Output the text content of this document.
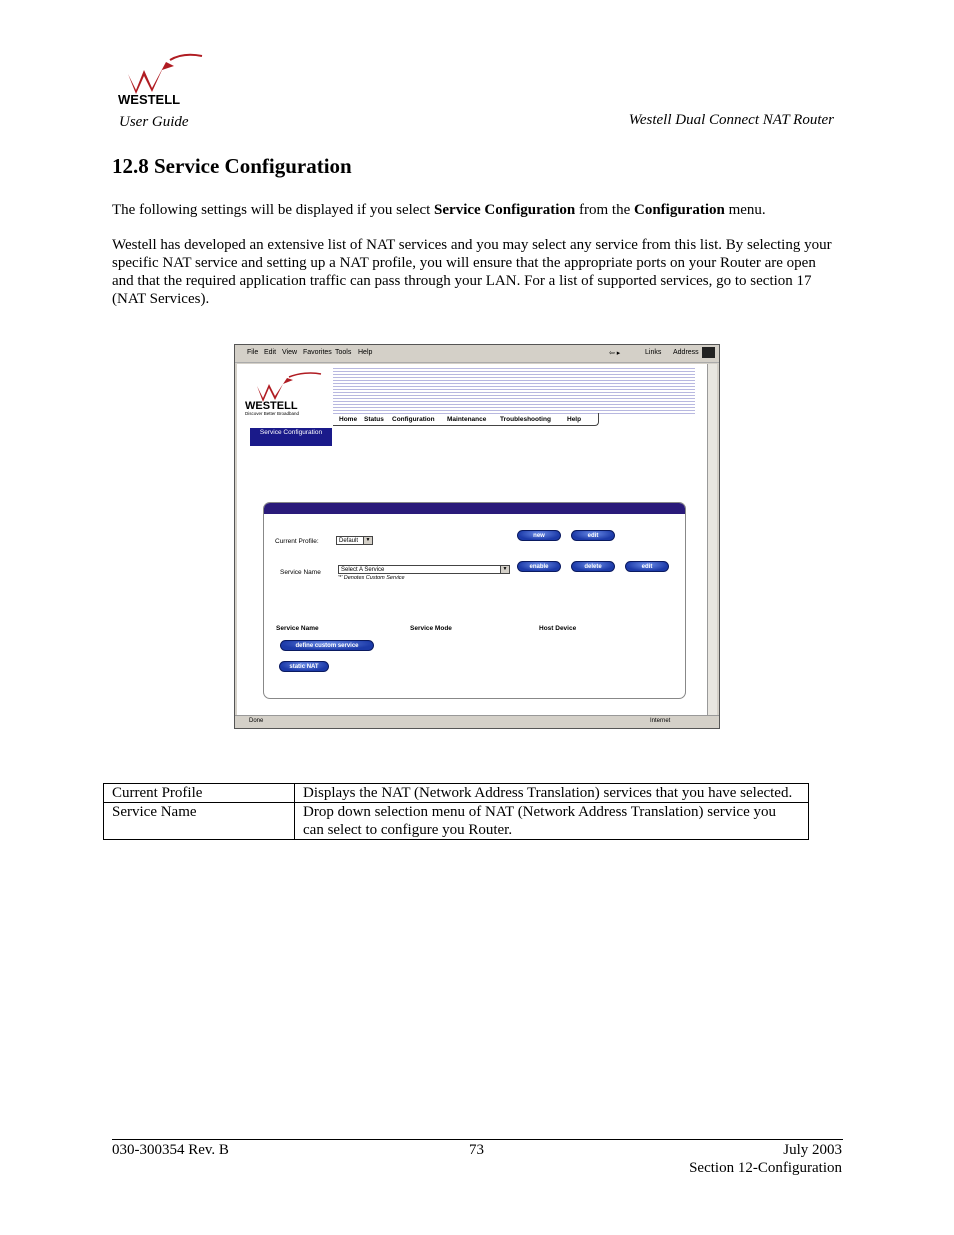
WESTELL
User Guide	Westell Dual Connect NAT Router
12.8 Service Configuration
The following settings will be displayed if you select Service Configuration from the Configuration menu.
Westell has developed an extensive list of NAT services and you may select any service from this list. By selecting your specific NAT service and setting up a NAT profile, you will ensure that the appropriate ports on your Router are open and that the required application traffic can pass through your LAN. For a list of supported services, go to section 17 (NAT Services).
File Edit View Favorites Tools Help	⇦ ▸	Links Address
WESTELL
Discover Better Broadband
Home Status Configuration Maintenance Troubleshooting Help
Service Configuration
Current Profile:	Default	▼
Service Name	Select A Service	▼
'*' Denotes Custom Service
new	edit
enable	delete	edit
Service Name	Service Mode	Host Device
define custom service
static NAT
Done	Internet
Current Profile	Displays the NAT (Network Address Translation) services that you have selected.
Service Name	Drop down selection menu of NAT (Network Address Translation) service you can select to configure you Router.
030-300354 Rev. B	73	July 2003
Section 12-Configuration
